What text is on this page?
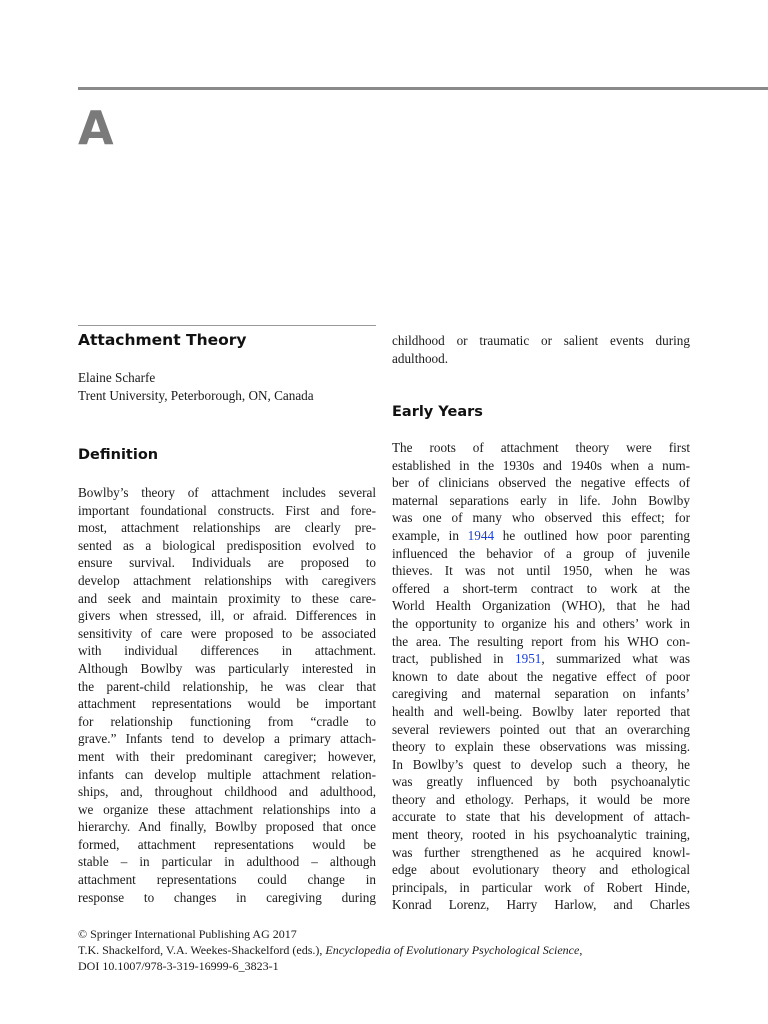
A
Attachment Theory
Elaine Scharfe
Trent University, Peterborough, ON, Canada
Definition
Bowlby’s theory of attachment includes several
important foundational constructs. First and fore-
most, attachment relationships are clearly pre-
sented as a biological predisposition evolved to
ensure survival. Individuals are proposed to
develop attachment relationships with caregivers
and seek and maintain proximity to these care-
givers when stressed, ill, or afraid. Differences in
sensitivity of care were proposed to be associated
with individual differences in attachment.
Although Bowlby was particularly interested in
the parent-child relationship, he was clear that
attachment representations would be important
for relationship functioning from “cradle to
grave.” Infants tend to develop a primary attach-
ment with their predominant caregiver; however,
infants can develop multiple attachment relation-
ships, and, throughout childhood and adulthood,
we organize these attachment relationships into a
hierarchy. And finally, Bowlby proposed that once
formed, attachment representations would be
stable – in particular in adulthood – although
attachment representations could change in
response to changes in caregiving during
childhood or traumatic or salient events during
adulthood.
Early Years
The roots of attachment theory were first
established in the 1930s and 1940s when a num-
ber of clinicians observed the negative effects of
maternal separations early in life. John Bowlby
was one of many who observed this effect; for
example, in 1944 he outlined how poor parenting
influenced the behavior of a group of juvenile
thieves. It was not until 1950, when he was
offered a short-term contract to work at the
World Health Organization (WHO), that he had
the opportunity to organize his and others’ work in
the area. The resulting report from his WHO con-
tract, published in 1951, summarized what was
known to date about the negative effect of poor
caregiving and maternal separation on infants’
health and well-being. Bowlby later reported that
several reviewers pointed out that an overarching
theory to explain these observations was missing.
In Bowlby’s quest to develop such a theory, he
was greatly influenced by both psychoanalytic
theory and ethology. Perhaps, it would be more
accurate to state that his development of attach-
ment theory, rooted in his psychoanalytic training,
was further strengthened as he acquired knowl-
edge about evolutionary theory and ethological
principals, in particular work of Robert Hinde,
Konrad Lorenz, Harry Harlow, and Charles
© Springer International Publishing AG 2017
T.K. Shackelford, V.A. Weekes-Shackelford (eds.), Encyclopedia of Evolutionary Psychological Science,
DOI 10.1007/978-3-319-16999-6_3823-1
